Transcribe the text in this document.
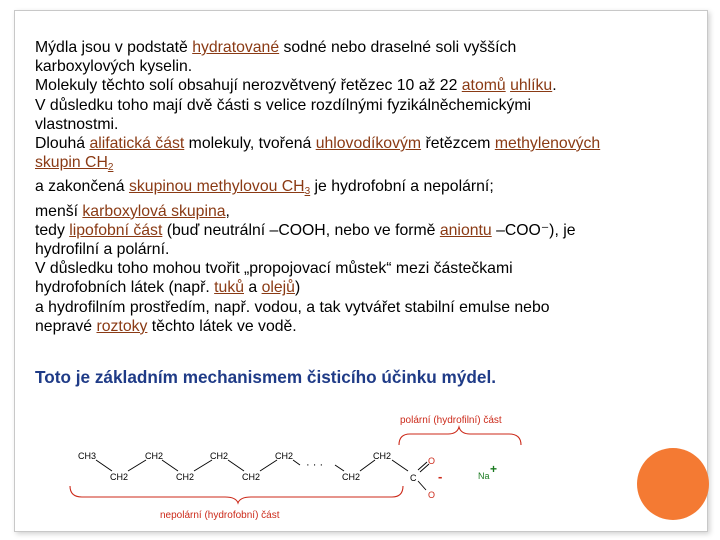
Mýdla jsou v podstatě hydratované sodné nebo draselné soli vyšších
karboxylových kyselin.
Molekuly těchto solí obsahují nerozvětvený řetězec 10 až 22 atomů uhlíku.
V důsledku toho mají dvě části s velice rozdílnými fyzikálněchemickými
vlastnostmi.
Dlouhá alifatická část molekuly, tvořená uhlovodíkovým řetězcem methylenových
skupin $CH_2$
a zakončená skupinou methylovou $CH_3$ je hydrofobní a nepolární;
menší karboxylová skupina,
tedy lipofobní část (buď neutrální –COOH, nebo ve formě aniontu –COO⁻), je
hydrofilní a polární.
V důsledku toho mohou tvořit „propojovací můstek“ mezi částečkami
hydrofobních látek (např. tuků a olejů)
a hydrofilním prostředím, např. vodou, a tak vytvářet stabilní emulse nebo
nepravé roztoky těchto látek ve vodě.
Toto je základním mechanismem čisticího účinku mýdel.
polární (hydrofilní) část
CH3	CH2	CH2	CH2	CH2
CH2	CH2	CH2	CH2
· · ·
C
O
O
-	Na +
nepolární (hydrofobní) část
